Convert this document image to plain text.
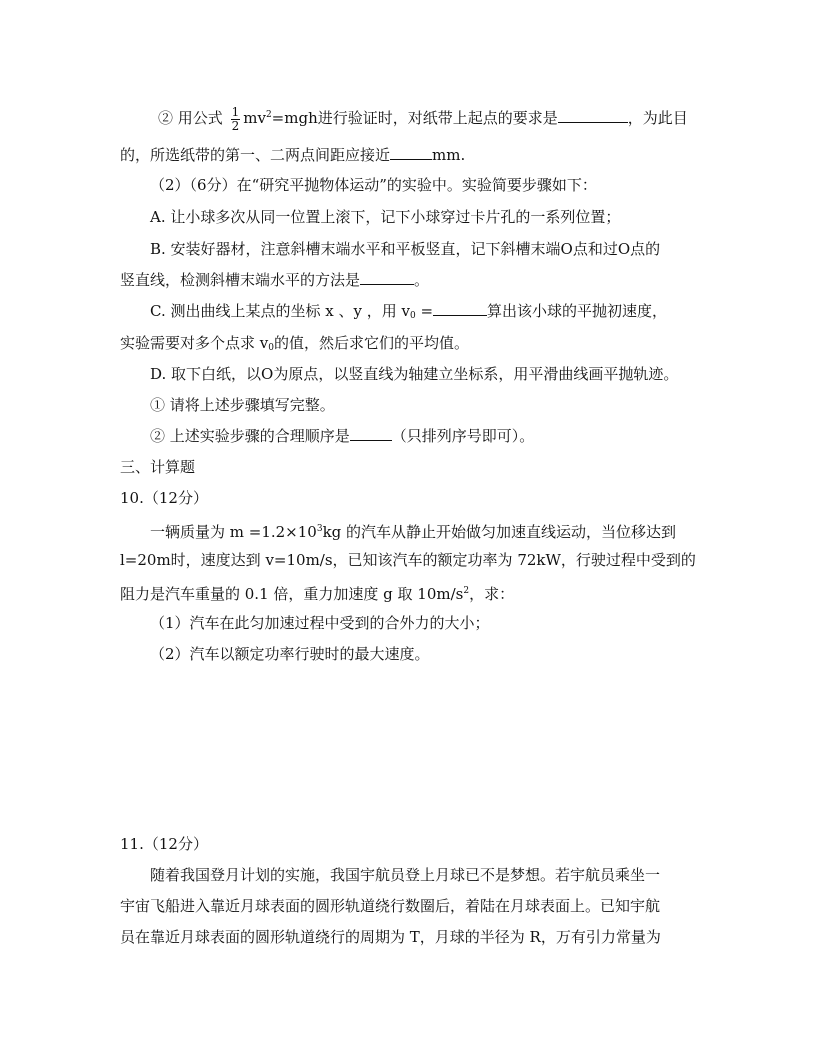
② 用公式 $\frac{1}{2} mv^2=mgh$进行验证时，对纸带上起点的要求是	，为此目
的，所选纸带的第一、二两点间距应接近	mm.
（2）（6分）在“研究平抛物体运动”的实验中。实验简要步骤如下：
A. 让小球多次从同一位置上滚下，记下小球穿过卡片孔的一系列位置；
B. 安装好器材，注意斜槽末端水平和平板竖直，记下斜槽末端O点和过O点的
竖直线，检测斜槽末端水平的方法是	。
C. 测出曲线上某点的坐标 x 、y ，用 $v_0$ =	算出该小球的平抛初速度，
实验需要对多个点求 $v_0$的值，然后求它们的平均值。
D. 取下白纸，以O为原点，以竖直线为轴建立坐标系，用平滑曲线画平抛轨迹。
① 请将上述步骤填写完整。
② 上述实验步骤的合理顺序是	（只排列序号即可）。
三、计算题
10.（12分）
一辆质量为 $m =1.2\times 10^3kg$ 的汽车从静止开始做匀加速直线运动，当位移达到
l=20m时，速度达到 v=10m/s，已知该汽车的额定功率为 72kW，行驶过程中受到的
阻力是汽车重量的 0.1 倍，重力加速度 g 取 $10m/s^2$，求：
（1）汽车在此匀加速过程中受到的合外力的大小；
（2）汽车以额定功率行驶时的最大速度。
11.（12分）
随着我国登月计划的实施，我国宇航员登上月球已不是梦想。若宇航员乘坐一
宇宙飞船进入靠近月球表面的圆形轨道绕行数圈后，着陆在月球表面上。已知宇航
员在靠近月球表面的圆形轨道绕行的周期为 T，月球的半径为 R，万有引力常量为
